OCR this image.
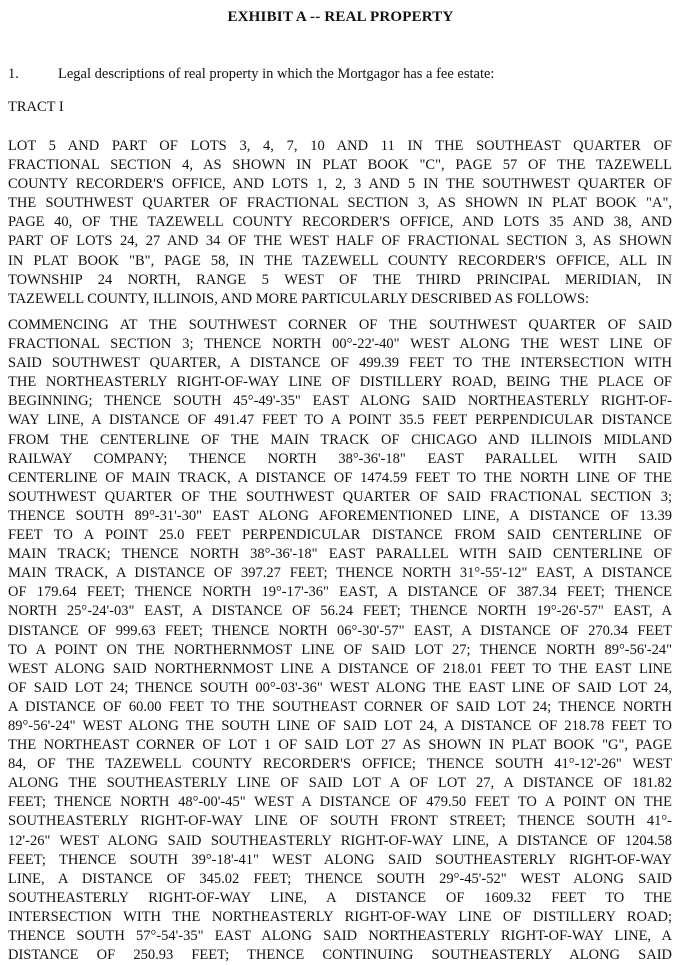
EXHIBIT A -- REAL PROPERTY
1.	Legal descriptions of real property in which the Mortgagor has a fee estate:
TRACT I
LOT 5 AND PART OF LOTS 3, 4, 7, 10 AND 11 IN THE SOUTHEAST QUARTER OF
FRACTIONAL SECTION 4, AS SHOWN IN PLAT BOOK "C", PAGE 57 OF THE TAZEWELL
COUNTY RECORDER'S OFFICE, AND LOTS 1, 2, 3 AND 5 IN THE SOUTHWEST QUARTER OF
THE SOUTHWEST QUARTER OF FRACTIONAL SECTION 3, AS SHOWN IN PLAT BOOK "A",
PAGE 40, OF THE TAZEWELL COUNTY RECORDER'S OFFICE, AND LOTS 35 AND 38, AND
PART OF LOTS 24, 27 AND 34 OF THE WEST HALF OF FRACTIONAL SECTION 3, AS SHOWN
IN PLAT BOOK "B", PAGE 58, IN THE TAZEWELL COUNTY RECORDER'S OFFICE, ALL IN
TOWNSHIP 24 NORTH, RANGE 5 WEST OF THE THIRD PRINCIPAL MERIDIAN, IN
TAZEWELL COUNTY, ILLINOIS, AND MORE PARTICULARLY DESCRIBED AS FOLLOWS:
COMMENCING AT THE SOUTHWEST CORNER OF THE SOUTHWEST QUARTER OF SAID
FRACTIONAL SECTION 3; THENCE NORTH 00°-22'-40" WEST ALONG THE WEST LINE OF
SAID SOUTHWEST QUARTER, A DISTANCE OF 499.39 FEET TO THE INTERSECTION WITH
THE NORTHEASTERLY RIGHT-OF-WAY LINE OF DISTILLERY ROAD, BEING THE PLACE OF
BEGINNING; THENCE SOUTH 45°-49'-35" EAST ALONG SAID NORTHEASTERLY RIGHT-OF-
WAY LINE, A DISTANCE OF 491.47 FEET TO A POINT 35.5 FEET PERPENDICULAR DISTANCE
FROM THE CENTERLINE OF THE MAIN TRACK OF CHICAGO AND ILLINOIS MIDLAND
RAILWAY COMPANY; THENCE NORTH 38°-36'-18" EAST PARALLEL WITH SAID
CENTERLINE OF MAIN TRACK, A DISTANCE OF 1474.59 FEET TO THE NORTH LINE OF THE
SOUTHWEST QUARTER OF THE SOUTHWEST QUARTER OF SAID FRACTIONAL SECTION 3;
THENCE SOUTH 89°-31'-30" EAST ALONG AFOREMENTIONED LINE, A DISTANCE OF 13.39
FEET TO A POINT 25.0 FEET PERPENDICULAR DISTANCE FROM SAID CENTERLINE OF
MAIN TRACK; THENCE NORTH 38°-36'-18" EAST PARALLEL WITH SAID CENTERLINE OF
MAIN TRACK, A DISTANCE OF 397.27 FEET; THENCE NORTH 31°-55'-12" EAST, A DISTANCE
OF 179.64 FEET; THENCE NORTH 19°-17'-36" EAST, A DISTANCE OF 387.34 FEET; THENCE
NORTH 25°-24'-03" EAST, A DISTANCE OF 56.24 FEET; THENCE NORTH 19°-26'-57" EAST, A
DISTANCE OF 999.63 FEET; THENCE NORTH 06°-30'-57" EAST, A DISTANCE OF 270.34 FEET
TO A POINT ON THE NORTHERNMOST LINE OF SAID LOT 27; THENCE NORTH 89°-56'-24"
WEST ALONG SAID NORTHERNMOST LINE A DISTANCE OF 218.01 FEET TO THE EAST LINE
OF SAID LOT 24; THENCE SOUTH 00°-03'-36" WEST ALONG THE EAST LINE OF SAID LOT 24,
A DISTANCE OF 60.00 FEET TO THE SOUTHEAST CORNER OF SAID LOT 24; THENCE NORTH
89°-56'-24" WEST ALONG THE SOUTH LINE OF SAID LOT 24, A DISTANCE OF 218.78 FEET TO
THE NORTHEAST CORNER OF LOT 1 OF SAID LOT 27 AS SHOWN IN PLAT BOOK "G", PAGE
84, OF THE TAZEWELL COUNTY RECORDER'S OFFICE; THENCE SOUTH 41°-12'-26" WEST
ALONG THE SOUTHEASTERLY LINE OF SAID LOT A OF LOT 27, A DISTANCE OF 181.82
FEET; THENCE NORTH 48°-00'-45" WEST A DISTANCE OF 479.50 FEET TO A POINT ON THE
SOUTHEASTERLY RIGHT-OF-WAY LINE OF SOUTH FRONT STREET; THENCE SOUTH 41°-
12'-26" WEST ALONG SAID SOUTHEASTERLY RIGHT-OF-WAY LINE, A DISTANCE OF 1204.58
FEET; THENCE SOUTH 39°-18'-41" WEST ALONG SAID SOUTHEASTERLY RIGHT-OF-WAY
LINE, A DISTANCE OF 345.02 FEET; THENCE SOUTH 29°-45'-52" WEST ALONG SAID
SOUTHEASTERLY RIGHT-OF-WAY LINE, A DISTANCE OF 1609.32 FEET TO THE
INTERSECTION WITH THE NORTHEASTERLY RIGHT-OF-WAY LINE OF DISTILLERY ROAD;
THENCE SOUTH 57°-54'-35" EAST ALONG SAID NORTHEASTERLY RIGHT-OF-WAY LINE, A
DISTANCE OF 250.93 FEET; THENCE CONTINUING SOUTHEASTERLY ALONG SAID
